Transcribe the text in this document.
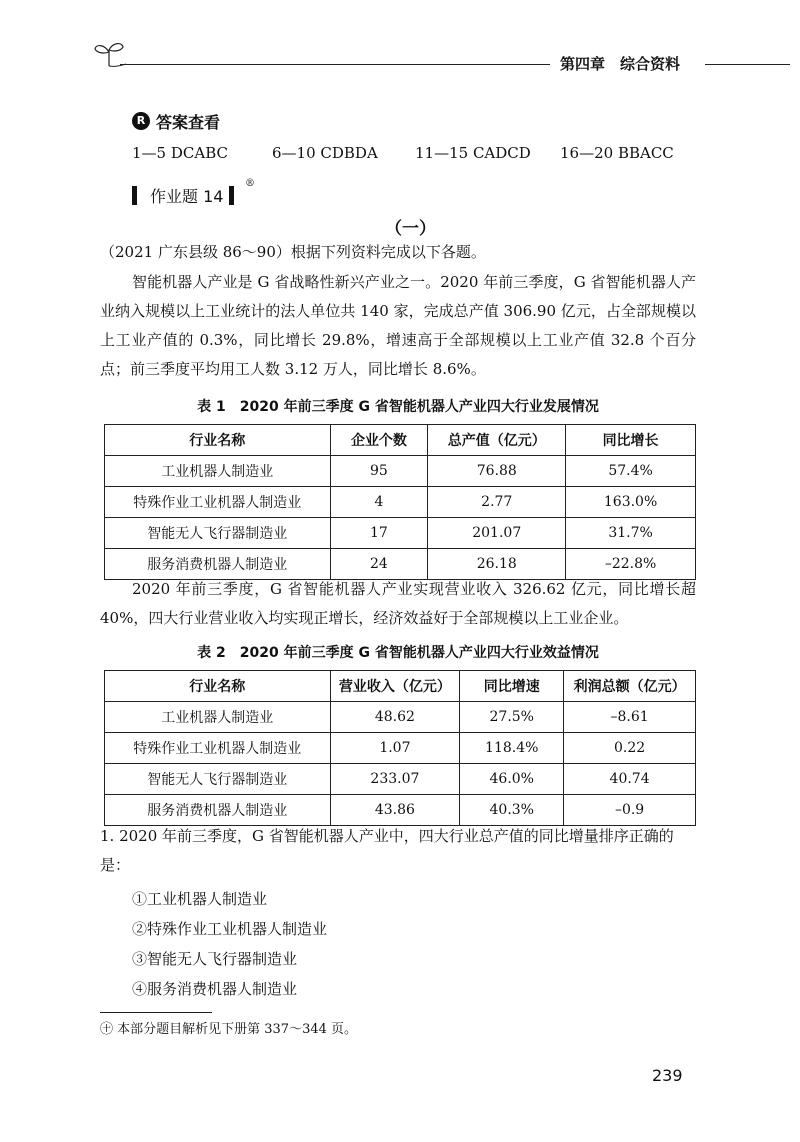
第四章　综合资料
R 答案查看
1—5 DCABC	6—10 CDBDA 11—15 CADCD 16—20 BBACC
作业题 14
®
（一）
（2021 广东县级 86～90）根据下列资料完成以下各题。
智能机器人产业是 G 省战略性新兴产业之一。2020 年前三季度，G 省智能机器人产业纳入规模以上工业统计的法人单位共 140 家，完成总产值 306.90 亿元，占全部规模以上工业产值的 0.3%，同比增长 29.8%，增速高于全部规模以上工业产值 32.8 个百分点；前三季度平均用工人数 3.12 万人，同比增长 8.6%。
表 1　2020 年前三季度 G 省智能机器人产业四大行业发展情况
行业名称	企业个数	总产值（亿元）	同比增长
工业机器人制造业	95	76.88	57.4%
特殊作业工业机器人制造业	4	2.77	163.0%
智能无人飞行器制造业	17	201.07	31.7%
服务消费机器人制造业	24	26.18	–22.8%
2020 年前三季度，G 省智能机器人产业实现营业收入 326.62 亿元，同比增长超 40%，四大行业营业收入均实现正增长，经济效益好于全部规模以上工业企业。
表 2　2020 年前三季度 G 省智能机器人产业四大行业效益情况
行业名称	营业收入（亿元）	同比增速	利润总额（亿元）
工业机器人制造业	48.62	27.5%	–8.61
特殊作业工业机器人制造业	1.07	118.4%	0.22
智能无人飞行器制造业	233.07	46.0%	40.74
服务消费机器人制造业	43.86	40.3%	–0.9
1. 2020 年前三季度，G 省智能机器人产业中，四大行业总产值的同比增量排序正确的是：
①工业机器人制造业
②特殊作业工业机器人制造业
③智能无人飞行器制造业
④服务消费机器人制造业
㊉ 本部分题目解析见下册第 337～344 页。
239
